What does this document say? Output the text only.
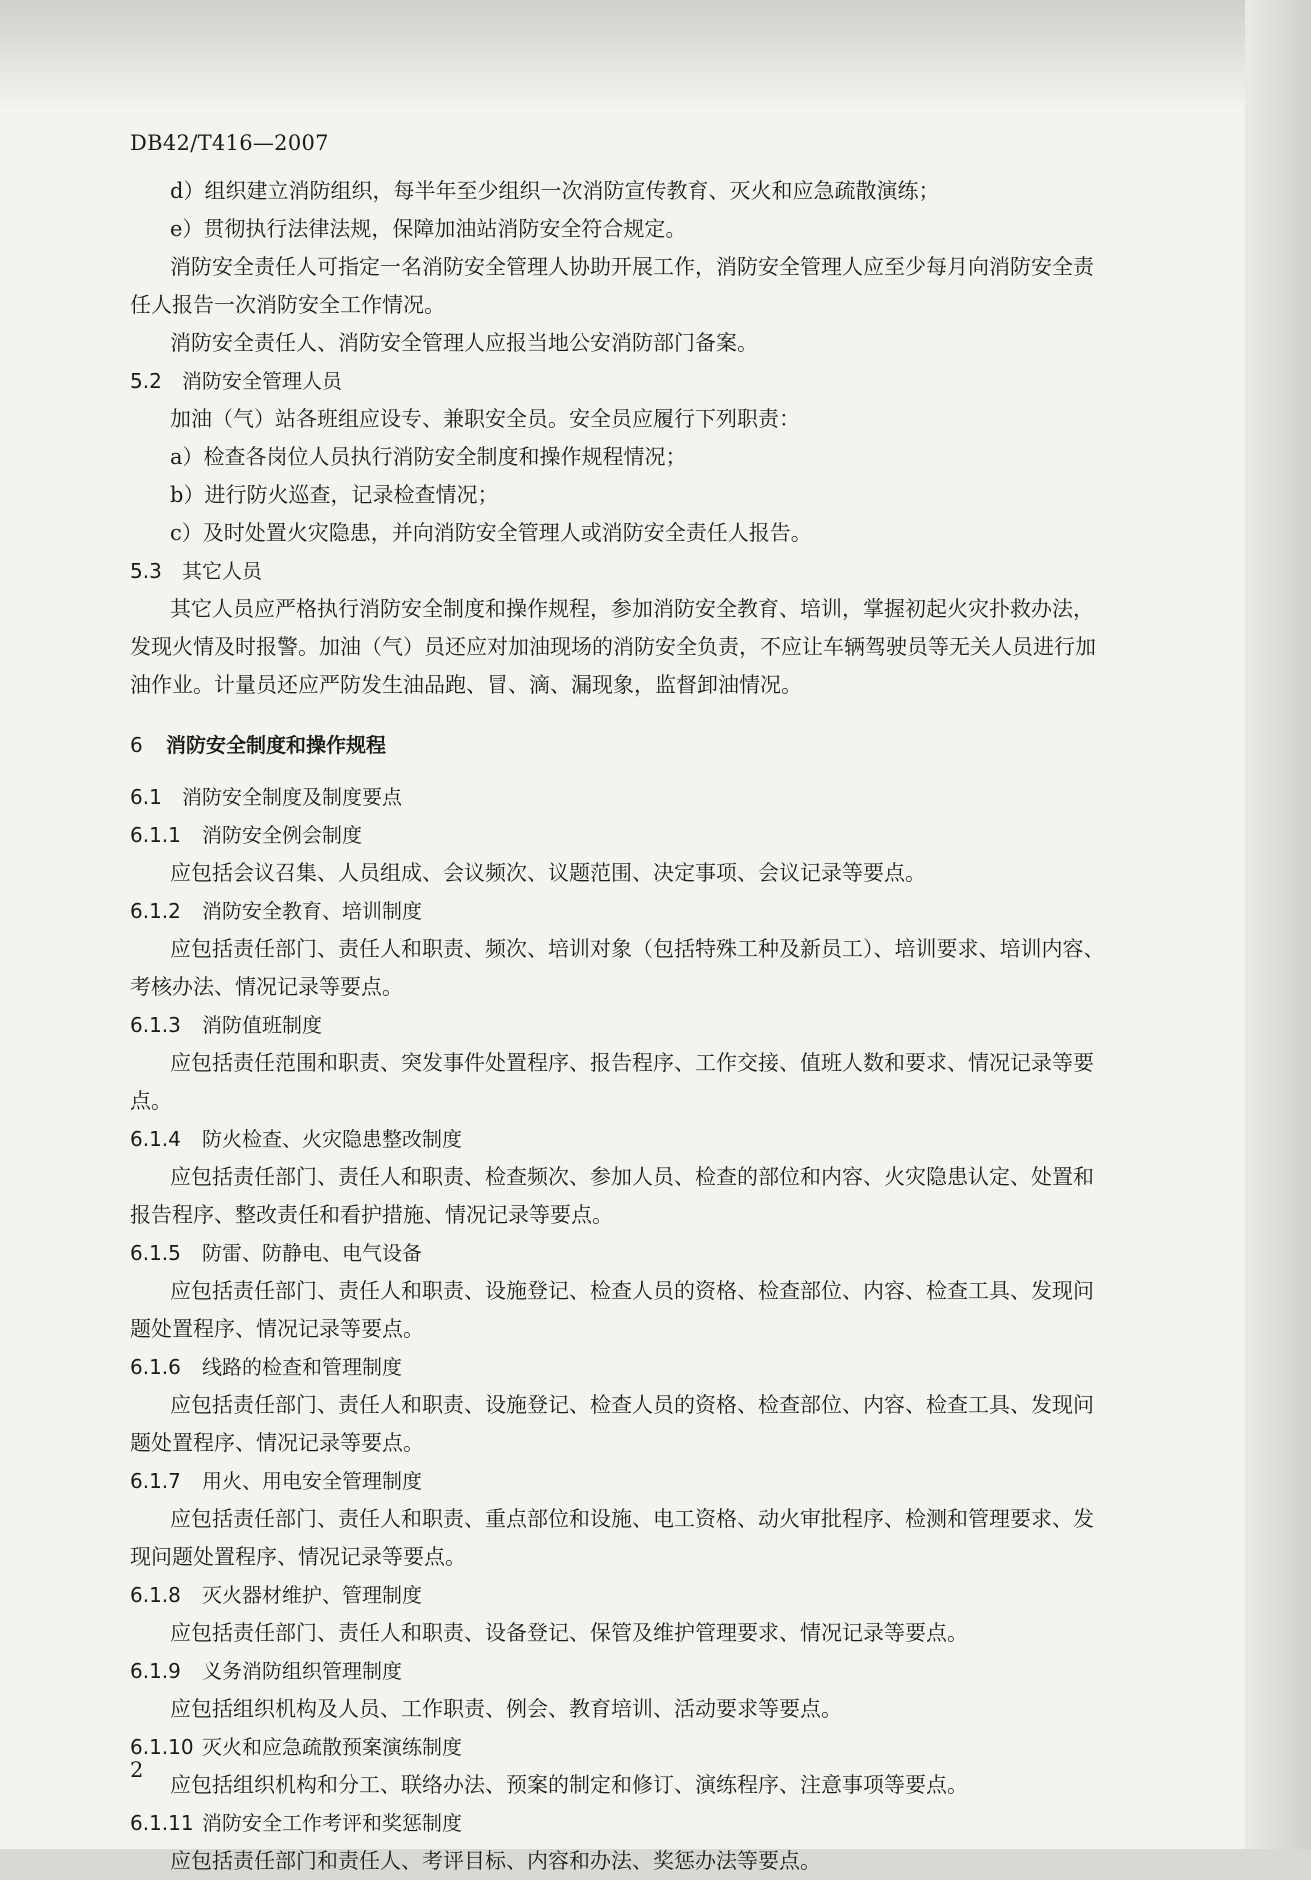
DB42/T416—2007
d）组织建立消防组织，每半年至少组织一次消防宣传教育、灭火和应急疏散演练；
e）贯彻执行法律法规，保障加油站消防安全符合规定。
消防安全责任人可指定一名消防安全管理人协助开展工作，消防安全管理人应至少每月向消防安全责
任人报告一次消防安全工作情况。
消防安全责任人、消防安全管理人应报当地公安消防部门备案。
5.2 消防安全管理人员
加油（气）站各班组应设专、兼职安全员。安全员应履行下列职责：
a）检查各岗位人员执行消防安全制度和操作规程情况；
b）进行防火巡查，记录检查情况；
c）及时处置火灾隐患，并向消防安全管理人或消防安全责任人报告。
5.3 其它人员
其它人员应严格执行消防安全制度和操作规程，参加消防安全教育、培训，掌握初起火灾扑救办法，
发现火情及时报警。加油（气）员还应对加油现场的消防安全负责，不应让车辆驾驶员等无关人员进行加
油作业。计量员还应严防发生油品跑、冒、滴、漏现象，监督卸油情况。
6 消防安全制度和操作规程
6.1 消防安全制度及制度要点
6.1.1 消防安全例会制度
应包括会议召集、人员组成、会议频次、议题范围、决定事项、会议记录等要点。
6.1.2 消防安全教育、培训制度
应包括责任部门、责任人和职责、频次、培训对象（包括特殊工种及新员工）、培训要求、培训内容、
考核办法、情况记录等要点。
6.1.3 消防值班制度
应包括责任范围和职责、突发事件处置程序、报告程序、工作交接、值班人数和要求、情况记录等要
点。
6.1.4 防火检查、火灾隐患整改制度
应包括责任部门、责任人和职责、检查频次、参加人员、检查的部位和内容、火灾隐患认定、处置和
报告程序、整改责任和看护措施、情况记录等要点。
6.1.5 防雷、防静电、电气设备
应包括责任部门、责任人和职责、设施登记、检查人员的资格、检查部位、内容、检查工具、发现问
题处置程序、情况记录等要点。
6.1.6 线路的检查和管理制度
应包括责任部门、责任人和职责、设施登记、检查人员的资格、检查部位、内容、检查工具、发现问
题处置程序、情况记录等要点。
6.1.7 用火、用电安全管理制度
应包括责任部门、责任人和职责、重点部位和设施、电工资格、动火审批程序、检测和管理要求、发
现问题处置程序、情况记录等要点。
6.1.8 灭火器材维护、管理制度
应包括责任部门、责任人和职责、设备登记、保管及维护管理要求、情况记录等要点。
6.1.9 义务消防组织管理制度
应包括组织机构及人员、工作职责、例会、教育培训、活动要求等要点。
6.1.10 灭火和应急疏散预案演练制度
应包括组织机构和分工、联络办法、预案的制定和修订、演练程序、注意事项等要点。
6.1.11 消防安全工作考评和奖惩制度
应包括责任部门和责任人、考评目标、内容和办法、奖惩办法等要点。
2
